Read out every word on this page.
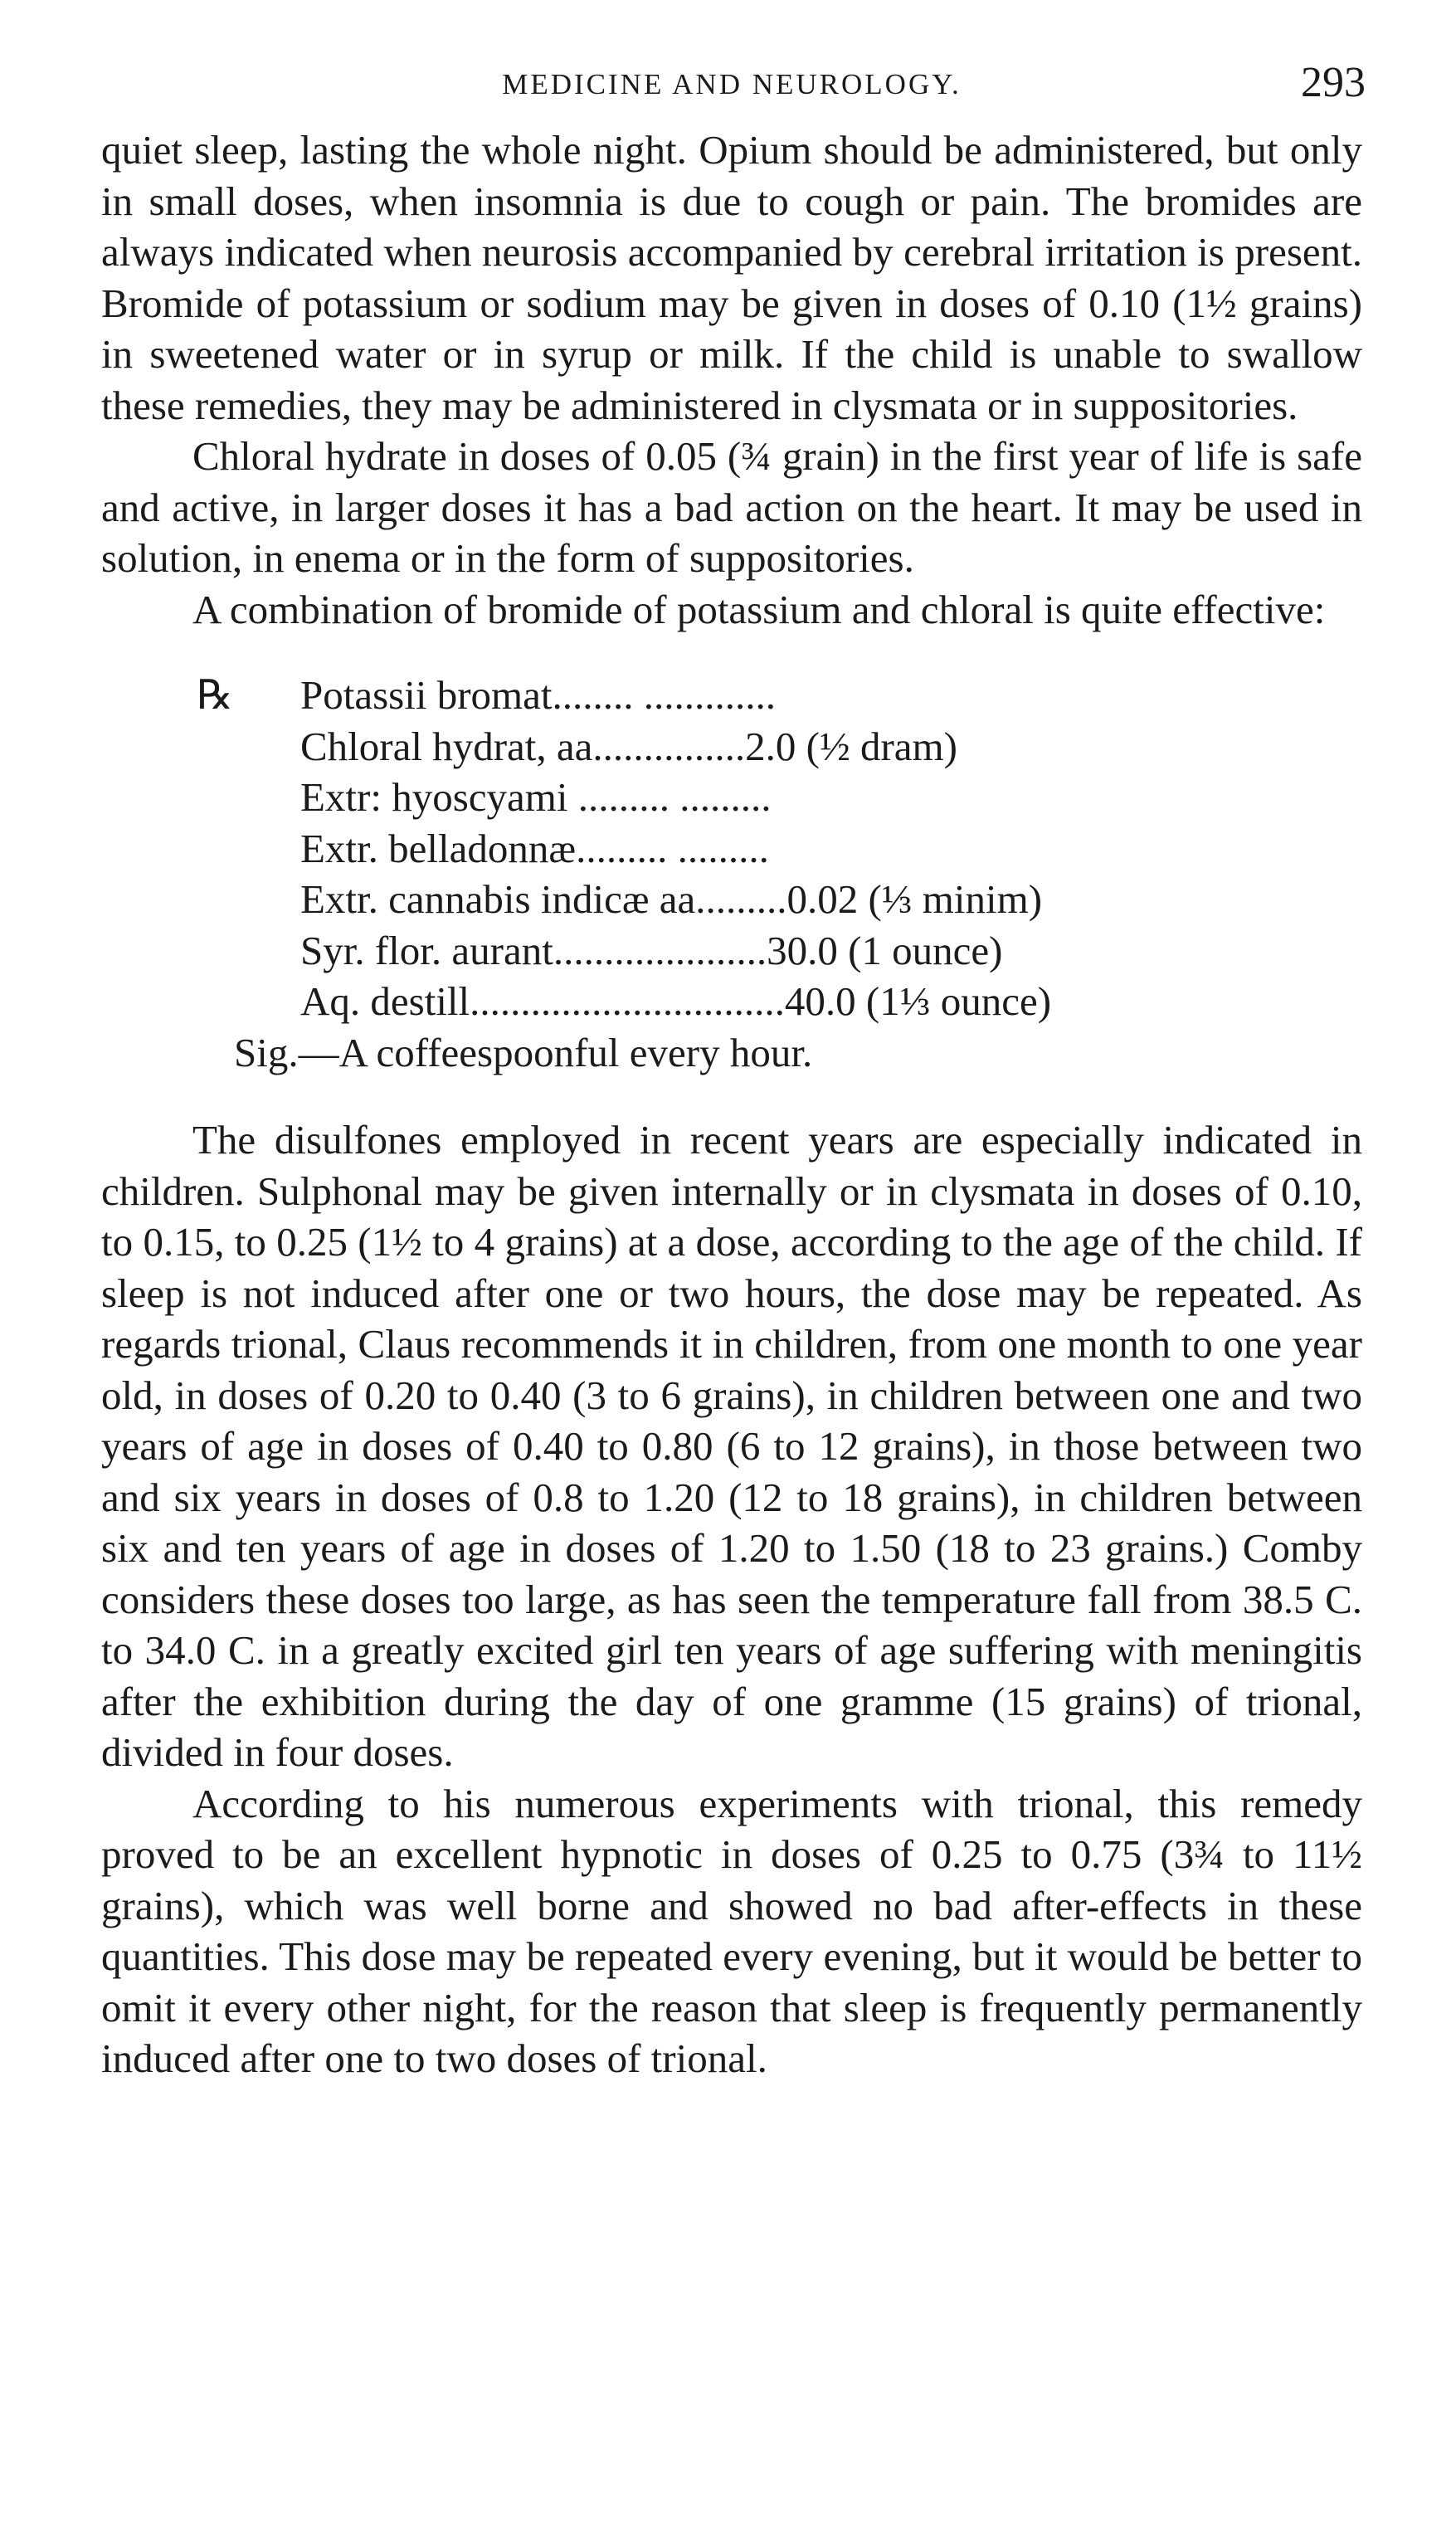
MEDICINE AND NEUROLOGY.	293

quiet sleep, lasting the whole night. Opium should be administered, but only in small doses, when insomnia is due to cough or pain. The bromides are always indicated when neurosis accompanied by cerebral irritation is present. Bromide of potassium or sodium may be given in doses of 0.10 (1½ grains) in sweetened water or in syrup or milk. If the child is unable to swallow these remedies, they may be administered in clysmata or in suppositories.

Chloral hydrate in doses of 0.05 (¾ grain) in the first year of life is safe and active, in larger doses it has a bad action on the heart. It may be used in solution, in enema or in the form of suppositories.

A combination of bromide of potassium and chloral is quite effective:

℞	Potassii bromat........ .............
Chloral hydrat, aa...............2.0 (½ dram)
Extr: hyoscyami ......... .........
Extr. belladonnæ......... .........
Extr. cannabis indicæ aa.........0.02 (⅓ minim)
Syr. flor. aurant.....................30.0 (1 ounce)
Aq. destill...............................40.0 (1⅓ ounce)
Sig.—A coffeespoonful every hour.

The disulfones employed in recent years are especially indicated in children. Sulphonal may be given internally or in clysmata in doses of 0.10, to 0.15, to 0.25 (1½ to 4 grains) at a dose, according to the age of the child. If sleep is not induced after one or two hours, the dose may be repeated. As regards trional, Claus recommends it in children, from one month to one year old, in doses of 0.20 to 0.40 (3 to 6 grains), in children between one and two years of age in doses of 0.40 to 0.80 (6 to 12 grains), in those between two and six years in doses of 0.8 to 1.20 (12 to 18 grains), in children between six and ten years of age in doses of 1.20 to 1.50 (18 to 23 grains.) Comby considers these doses too large, as has seen the temperature fall from 38.5 C. to 34.0 C. in a greatly excited girl ten years of age suffering with meningitis after the exhibition during the day of one gramme (15 grains) of trional, divided in four doses.

According to his numerous experiments with trional, this remedy proved to be an excellent hypnotic in doses of 0.25 to 0.75 (3¾ to 11½ grains), which was well borne and showed no bad after-effects in these quantities. This dose may be repeated every evening, but it would be better to omit it every other night, for the reason that sleep is frequently permanently induced after one to two doses of trional.
